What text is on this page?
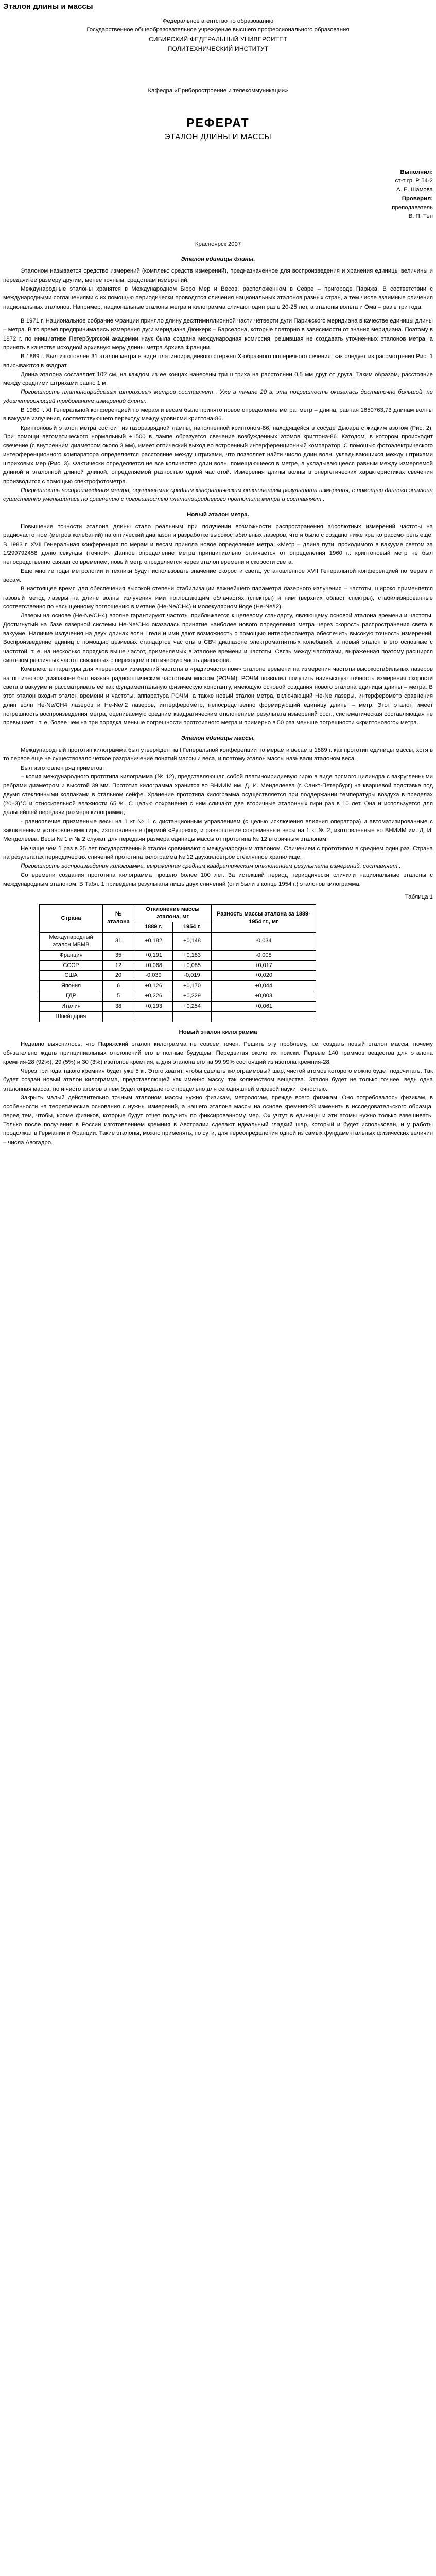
Эталон длины и массы

Федеральное агентство по образованию

Государственное общеобразовательное учреждение высшего профессионального образования

СИБИРСКИЙ ФЕДЕРАЛЬНЫЙ УНИВЕРСИТЕТ

ПОЛИТЕХНИЧЕСКИЙ ИНСТИТУТ

Кафедра «Приборостроение и телекоммуникации»

РЕФЕРАТ
ЭТАЛОН ДЛИНЫ И МАССЫ

Выполнил:

ст-т гр. Р 54-2

А. Е. Шамова

Проверил:

преподаватель

В. П. Тен

Красноярск 2007

Эталон единицы длины.

Эталоном называется средство измерений (комплекс средств измерений), предназначенное для воспроизведения и хранения единицы величины и передачи ее размеру другим, менее точным, средствам измерений.

Международные эталоны хранятся в Международном Бюро Мер и Весов, расположенном в Севре – пригороде Парижа. В соответствии с международными соглашениями с их помощью периодически проводятся сличения национальных эталонов разных стран, а тем числе взаимные сличения национальных эталонов. Например, национальные эталоны метра и килограмма сличают один раз в 20-25 лет, а эталоны вольта и Ома – раз в три года.

В 1971 г. Национальное собрание Франции приняло длину десятимиллионной части четверти дуги Парижского меридиана в качестве единицы длины – метра. В то время предпринимались измерения дуги меридиана Дюнкерк – Барселона, которые повторно в зависимости от знания меридиана. Поэтому в 1872 г. по инициативе Петербургской академии наук была создана международная комиссия, решившая не создавать уточненных эталонов метра, а принять в качестве исходной архивную меру длины метра Архива Франции.

В 1889 г. Был изготовлен 31 эталон метра в виде платиноиридиевого стержня X-образного поперечного сечения, как следует из рассмотрения Рис. 1 вписываются в квадрат.

Длина эталона составляет 102 см, на каждом из ее концах нанесены три штриха на расстоянии 0,5 мм друг от друга. Таким образом, расстояние между средними штрихами равно 1 м.

Погрешность платиноиридиевых штриховых метров составляет . Уже в начале 20 в. эта погрешность оказалась достаточно большой, не удовлетворяющей требованиям измерений длины.

В 1960 г. XI Генеральной конференцией по мерам и весам было принято новое определение метра: метр – длина, равная 1650763,73 длинам волны в вакууме излучения, соответствующего переходу между уровнями криптона-86.

Криптоновый эталон метра состоит из газоразрядной лампы, наполненной криптоном-86, находящейся в сосуде Дьюара с жидким азотом (Рис. 2). При помощи автоматического нормальный +1500 в лампе образуется свечение возбужденных атомов криптона-86. Катодом, в котором происходит свечение (с внутренним диаметром около 3 мм), имеет оптический выход во встроенный интерференционный компаратор. С помощью фотоэлектрического интерференционного компаратора определяется расстояние между штрихами, что позволяет найти число длин волн, укладывающихся между штрихами штриховых мер (Рис. 3). Фактически определяется не все количество длин волн, помещающееся в метре, а укладывающееся равным между измеряемой длиной и эталонной длиной длиной, определяемой разностью одной частотой. Измерения длины волны в энергетических характеристиках свечения производится с помощью спектрофотометра.

Погрешность воспроизведения метра, оцениваемая средним квадратическим отклонением результата измерения, с помощью данного эталона существенно уменьшилась по сравнению с погрешностью платиноиридиевого прототипа метра и составляет .

Новый эталон метра.

Повышение точности эталона длины стало реальным при получении возможности распространения абсолютных измерений частоты на радиочастотном (метров колебаний) на оптический диапазон и разработке высокостабильных лазеров, что и было с создано ниже кратко рассмотреть еще. В 1983 г. XVII Генеральная конференция по мерам и весам приняла новое определение метра: «Метр – длина пути, проходимого в вакууме светом за 1/299792458 долю секунды (точно)». Данное определение метра принципиально отличается от определения 1960 г.: криптоновый метр не был непосредственно связан со временем, новый метр определяется через эталон времени и скорости света.

Еще многие годы метрологии и техники будут использовать значение скорости света, установленное XVII Генеральной конференцией по мерам и весам.

В настоящее время для обеспечения высокой степени стабилизации важнейшего параметра лазерного излучения – частоты, широко применяется газовый метод лазеры на длине волны излучения ими поглощающим облачастях (спектры) и ним (верхних област спектры), стабилизированные соответственно по насыщенному поглощению в метане (He-Ne/CH4) и молекулярном йоде (He-Ne/I2).

Лазеры на основе (He-Ne/CH4) вполне гарантируют частоты приближается к целевому стандарту, являющему основой эталона времени и частоты. Достигнутый на базе лазерной системы Не-Ne/CH4 оказалась принятие наиболее нового определения метра через скорость распространения света в вакууме. Наличие излучения на двух длинах волн і гели и ими дают возможность с помощью интерферометра обеспечить высокую точность измерений. Воспроизведение единиц с помощью цезиевых стандартов частоты в СВЧ диапазоне электромагнитных колебаний, а новый эталон в его основные с частотой, т. е. на несколько порядков выше частот, применяемых в эталоне времени и частоты. Связь между частотами, выраженная поэтому расширяя синтезом различных частот связанных с переходом в оптическую часть диапазона.

Комплекс аппаратуры для «переноса» измерений частоты в «радиочастотном» эталоне времени на измерения частоты высокостабильных лазеров на оптическом диапазоне был назван радиооптическим частотным мостом (РОЧМ). РОЧМ позволил получить наивысшую точность измерения скорости света в вакууме и рассматривать ее как фундаментальную физическую константу, имеющую основой создания нового эталона единицы длины – метра. В этот эталон входит эталон времени и частоты, аппаратура РОЧМ, а также новый эталон метра, включающий Не-Ne лазеры, интерферометр сравнения длин волн Не-Ne/CH4 лазеров и Не-Ne/I2 лазеров, интерферометр, непосредственно формирующий единицу длины – метр. Этот эталон имеет погрешность воспроизведения метра, оцениваемую средним квадратическим отклонением результата измерений сост., систематическая составляющая не превышает . т. е, более чем на три порядка меньше погрешности прототипного метра и примерно в 50 раз меньше погрешности «криптонового» метра.

Эталон единицы массы.

Международный прототип килограмма был утвержден на I Генеральной конференции по мерам и весам в 1889 г. как прототип единицы массы, хотя в то первое еще не существовало четкое разграничение понятий массы и веса, и поэтому эталон массы называли эталоном веса.

Был изготовлен ряд приметов:

– копия международного прототипа килограмма (№ 12), представляющая собой платиноиридиевую гирю в виде прямого цилиндра с закругленными ребрами диаметром и высотой 39 мм. Прототип килограмма хранится во ВНИИМ им. Д. И. Менделеева (г. Санкт-Петербург) на кварцевой подставке под двумя стеклянными колпаками в стальном сейфе. Хранение прототипа килограмма осуществляется при поддержании температуры воздуха в пределах (20±3)°С и относительной влажности 65 %. С целью сохранения с ним сличают две вторичные эталонных гири раз в 10 лет. Она и используется для дальнейшей передачи размера килограмма;

- равноплечие призменные весы на 1 кг № 1 с дистанционным управлением (с целью исключения влияния оператора) и автоматизированные с заключенным установлением гирь, изготовленные фирмой «Рупрехт», и равноплечие современные весы на 1 кг № 2, изготовленные во ВНИИМ им. Д. И. Менделеева. Весы № 1 и № 2 служат для передачи размера единицы массы от прототипа № 12 вторичным эталонам.

Не чаще чем 1 раз в 25 лет государственный эталон сравнивают с международным эталоном. Сличением с прототипом в среднем один раз. Страна на результатах периодических сличений прототипа килограмма № 12 двухкиловтрое стеклянное хранилище.

Погрешность воспроизведения килограмма, выраженная средним квадратическим отклонением результата измерений, составляет .

Со времени создания прототипа килограмма прошло более 100 лет. За истекший период периодически сличили национальные эталоны с международным эталоном. В Табл. 1 приведены результаты лишь двух сличений (они были в конце 1954 г.) эталонов килограмма.

Таблица 1

Страна	№ эталона	Отклонение массы эталона, мг		Разность массы эталона за 1889-1954 гг., мг
		1889 г.	1954 г.	
Международный эталон МБМВ	31	+0,182	+0,148	-0,034
Франция	35	+0,191	+0,183	-0,008
СССР	12	+0,068	+0,085	+0,017
США	20	-0,039	-0,019	+0,020
Япония	6	+0,126	+0,170	+0,044
ГДР	5	+0,226	+0,229	+0,003
Италия	38	+0,193	+0,254	+0,061
Швейцария				
Новый эталон килограмма

Недавно выяснилось, что Парижский эталон килограмма не совсем точен. Решить эту проблему, т.е. создать новый эталон массы, почему обязательно ждать принципиальных отклонений его в полные будущем. Передвигая около их поиски. Первые 140 граммов вещества для эталона кремния-28 (92%), 29 (5%) и 30 (3%) изотопов кремния, а для эталона его на 99,99% состоящий из изотопа кремния-28.

Через три года такого кремния будет уже 5 кг. Этого хватит, чтобы сделать килограммовый шар, чистой атомов которого можно будет подсчитать. Так будет создан новый эталон килограмма, представляющей как именно массу, так количеством вещества. Эталон будет не только точнее, ведь одна эталонная масса, но и чисто атомов в нем будет определено с предельно для сегодняшней мировой науки точностью.

Закрыть малый действительно точным эталоном массы нужно физикам, метрологам, прежде всего физикам. Оно потребовалось физикам, в особенности на теоретические основания с нужны измерений, а нашего эталона массы на основе кремния-28 изменить в исследовательского образца, перед тем, чтобы, кроме физиков, которые будут отчет получить по фиксированному мер. Ох учтут в единицы и эти атомы нужно только взвешивать. Только после получения в России изготовлением кремния в Австралии сделают идеальный гладкий шар, который и будет использован, и у работы продолжат в Германии и Франции. Такие эталоны, можно применять, по сути, для переопределения одной из самых фундаментальных физических величин – числа Авогадро.
